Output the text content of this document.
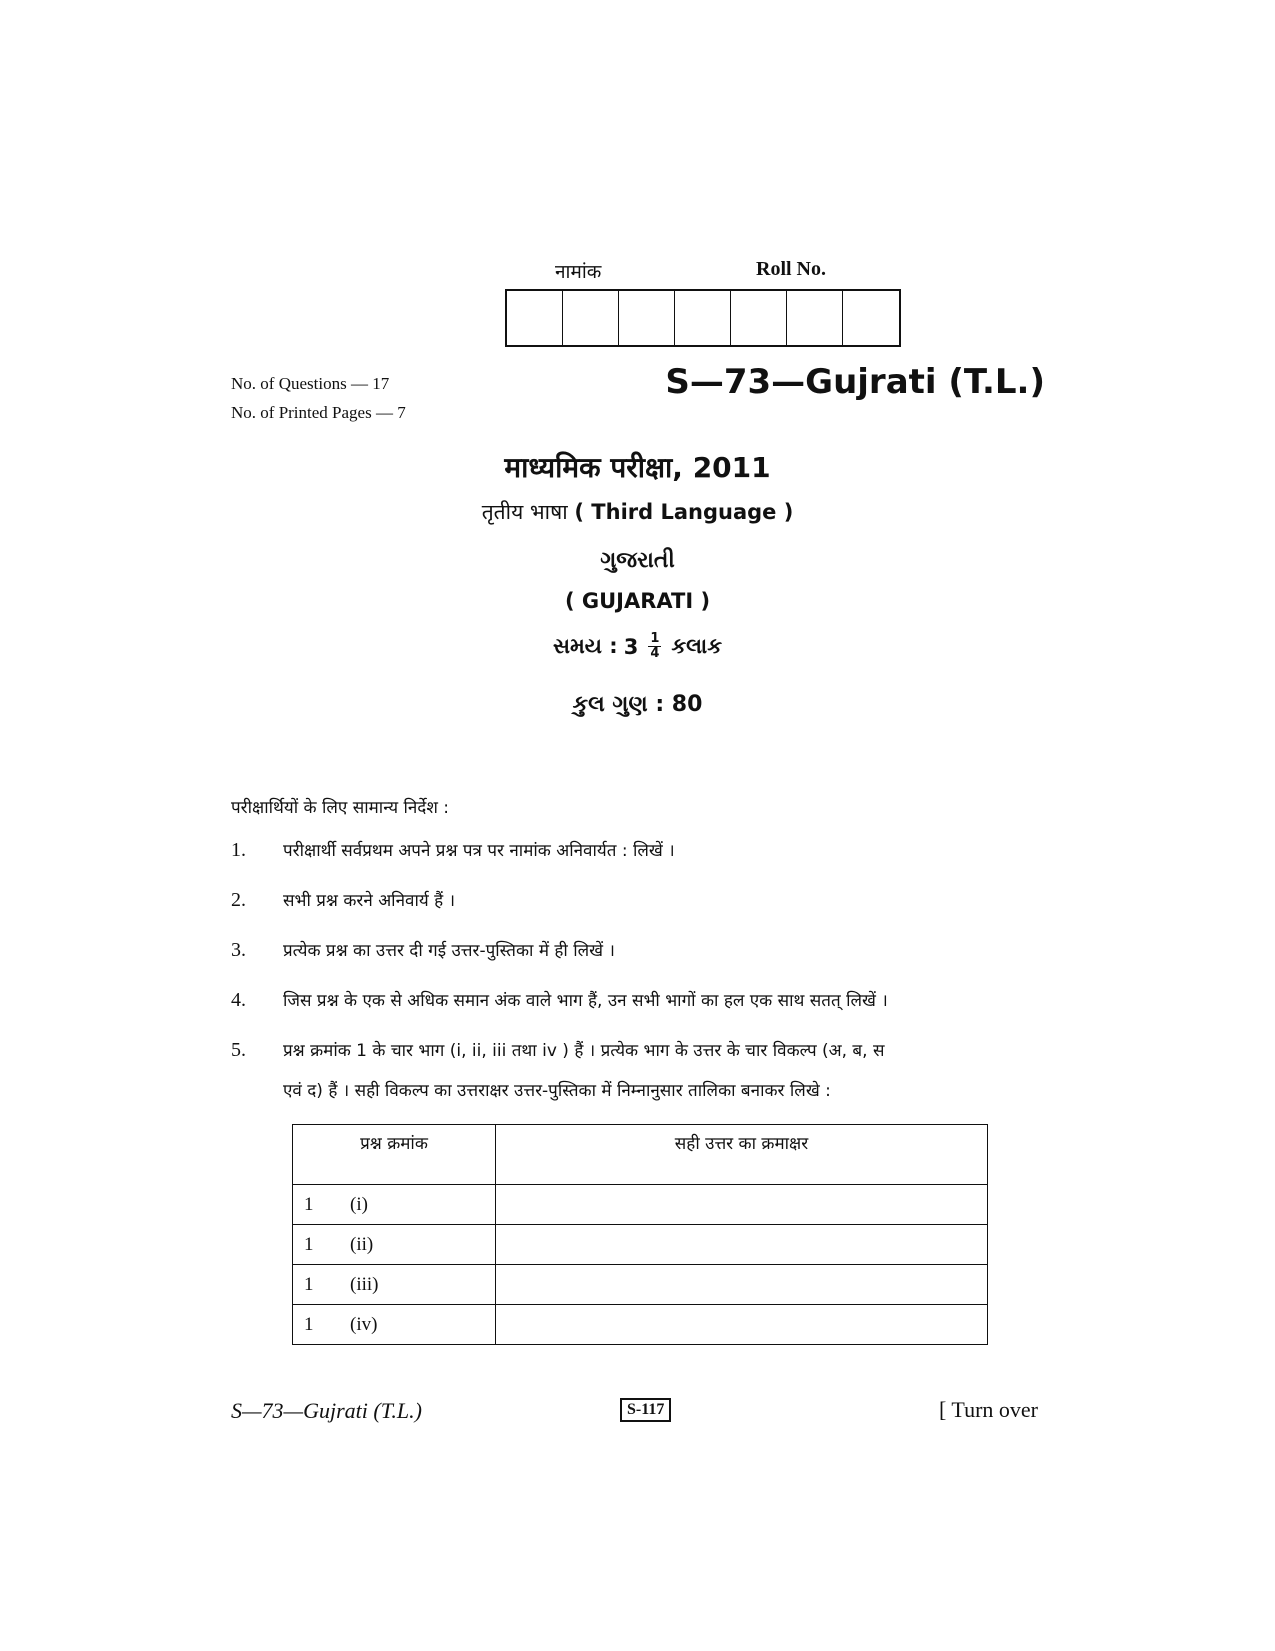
नामांक	Roll No.
No. of Questions — 17
No. of Printed Pages — 7
S—73—Gujrati (T.L.)
माध्यमिक परीक्षा, 2011
तृतीय भाषा ( Third Language )
ગુજરાતી
( GUJARATI )
સમય : $3 \frac{1}{4}$ કલાક
કુલ ગુણ : 80
परीक्षार्थियों के लिए सामान्य निर्देश :
1. परीक्षार्थी सर्वप्रथम अपने प्रश्न पत्र पर नामांक अनिवार्यत : लिखें ।
2. सभी प्रश्न करने अनिवार्य हैं ।
3. प्रत्येक प्रश्न का उत्तर दी गई उत्तर-पुस्तिका में ही लिखें ।
4. जिस प्रश्न के एक से अधिक समान अंक वाले भाग हैं, उन सभी भागों का हल एक साथ सतत् लिखें ।
5. प्रश्न क्रमांक 1 के चार भाग (i, ii, iii तथा iv ) हैं । प्रत्येक भाग के उत्तर के चार विकल्प (अ, ब, स
एवं द) हैं । सही विकल्प का उत्तराक्षर उत्तर-पुस्तिका में निम्नानुसार तालिका बनाकर लिखे :
प्रश्न क्रमांक	सही उत्तर का क्रमाक्षर

1 (i)	

1 (ii)	

1 (iii)	

1 (iv)	

S—73—Gujrati (T.L.)	S-117	[ Turn over
